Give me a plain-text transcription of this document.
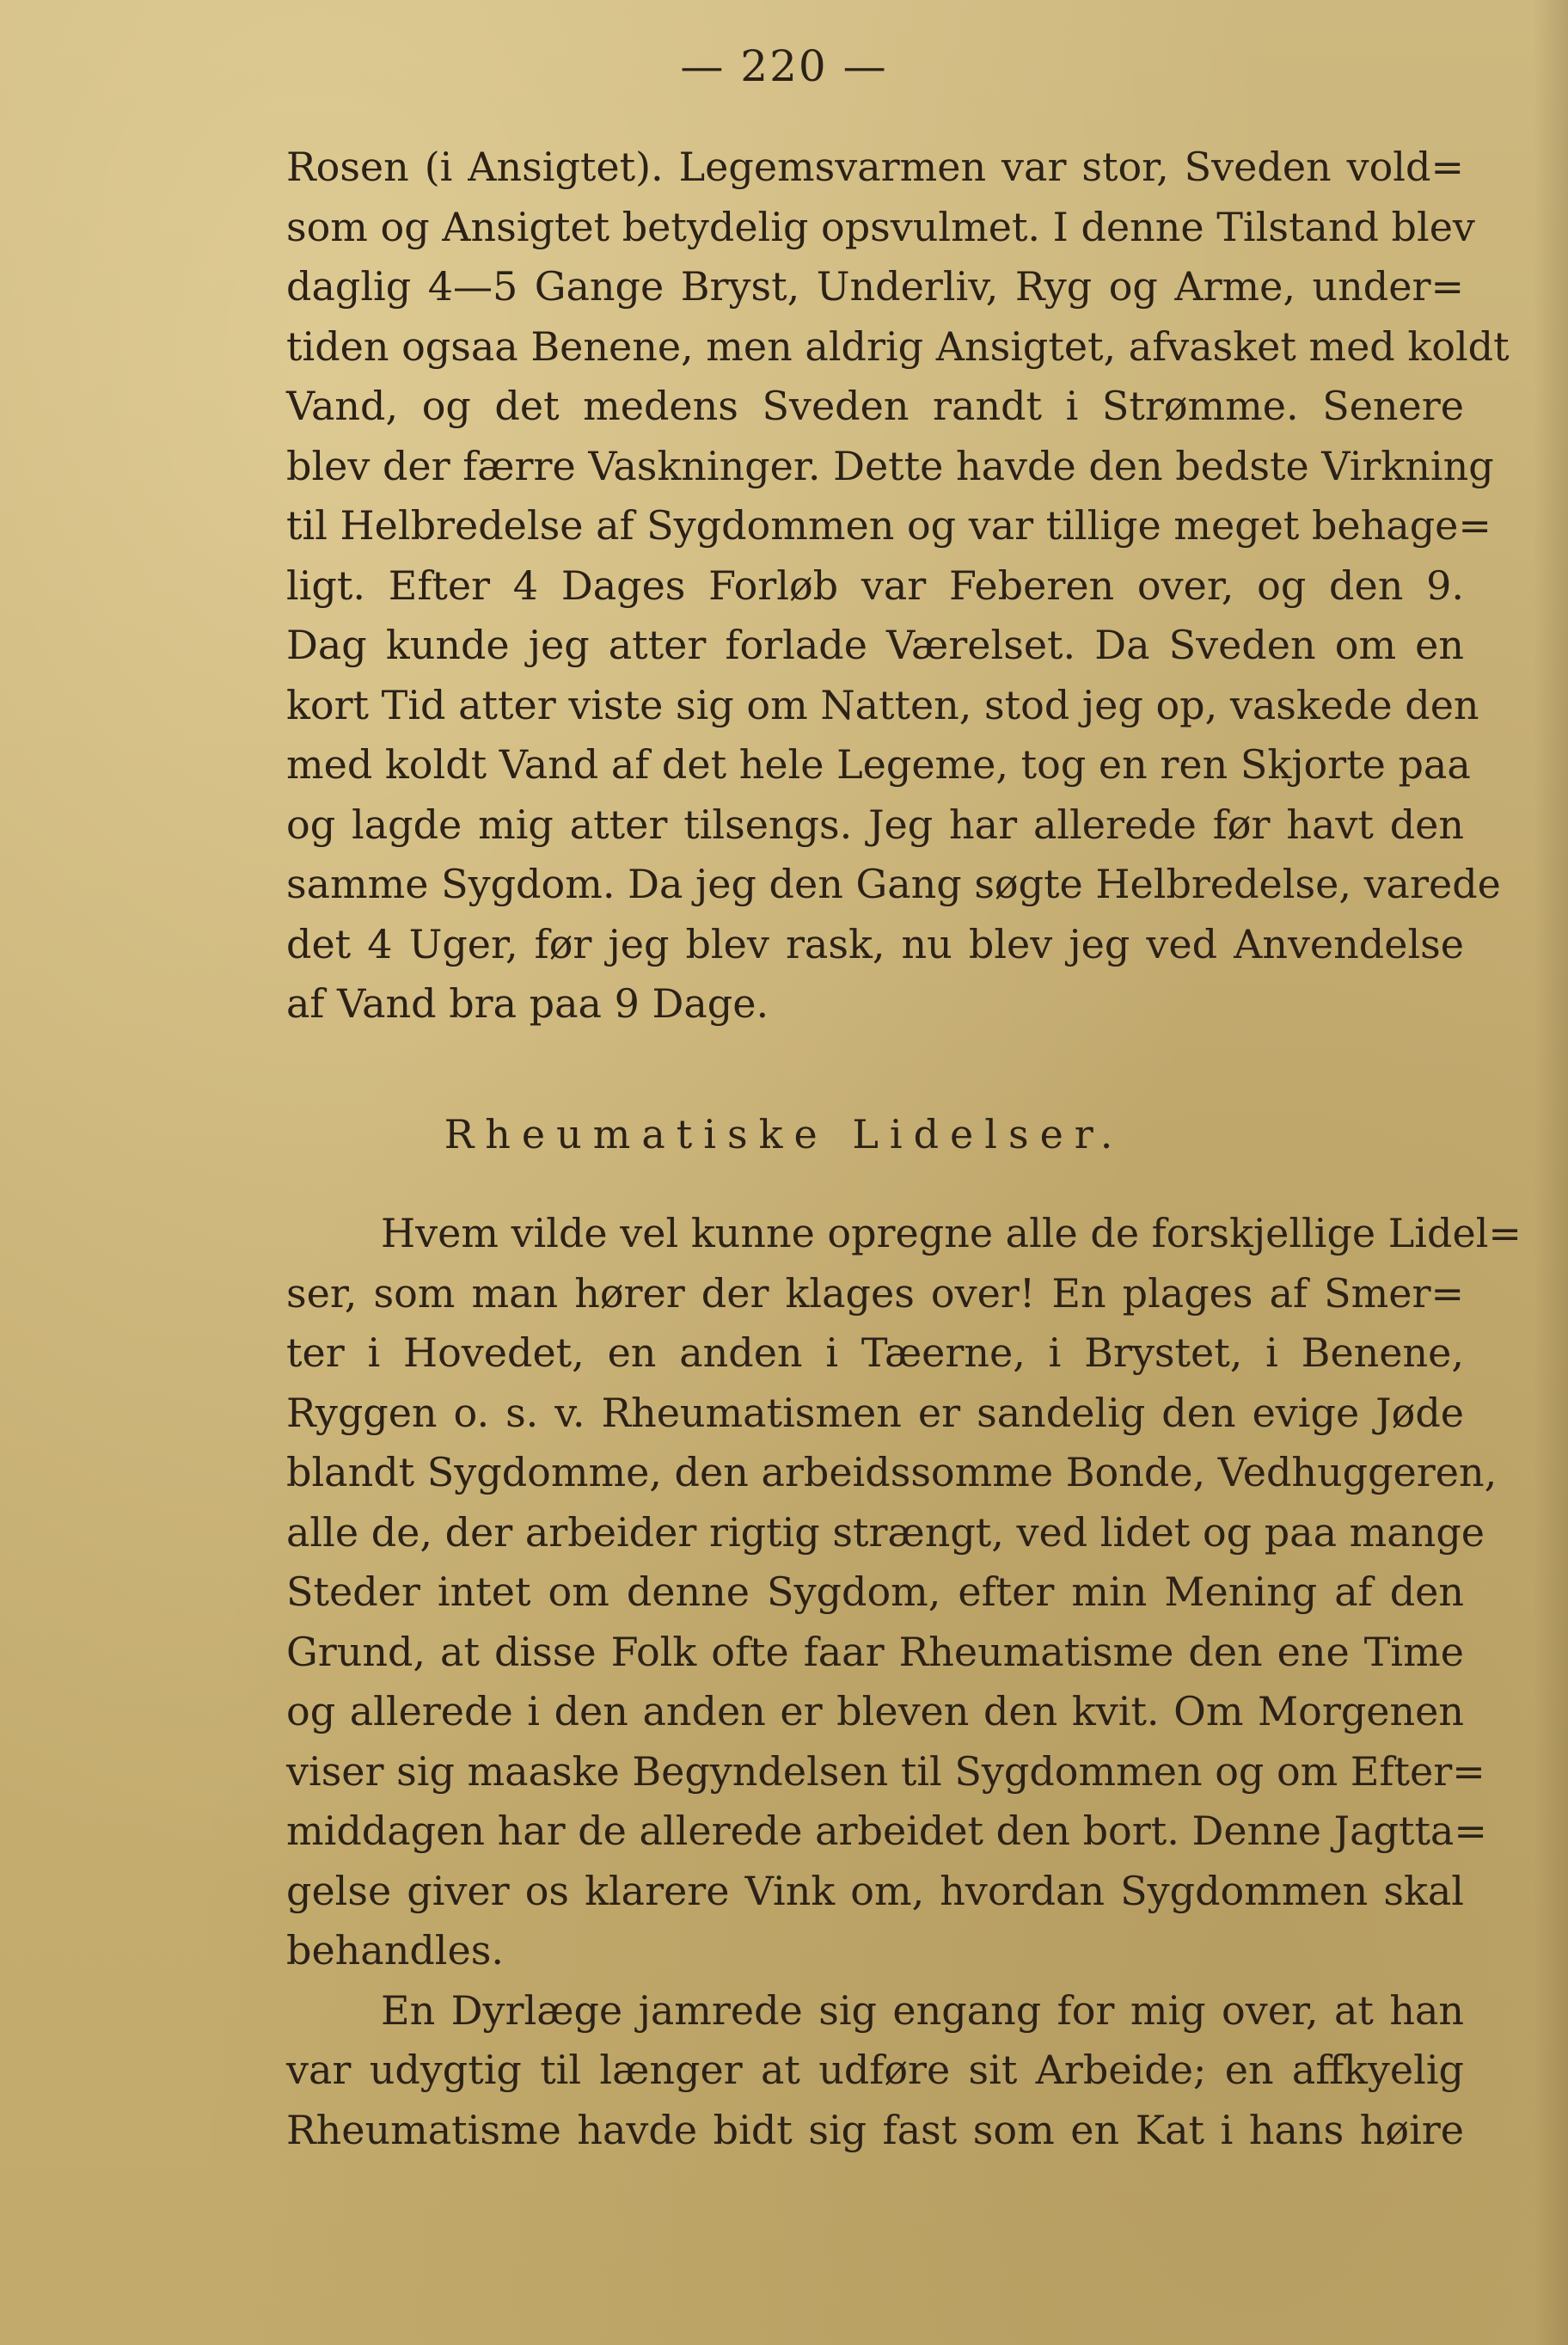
— 220 —
Rosen (i Ansigtet). Legemsvarmen var stor, Sveden vold=
som og Ansigtet betydelig opsvulmet. I denne Tilstand blev
daglig 4—5 Gange Bryst, Underliv, Ryg og Arme, under=
tiden ogsaa Benene, men aldrig Ansigtet, afvasket med koldt
Vand, og det medens Sveden randt i Strømme. Senere
blev der færre Vaskninger. Dette havde den bedste Virkning
til Helbredelse af Sygdommen og var tillige meget behage=
ligt. Efter 4 Dages Forløb var Feberen over, og den 9.
Dag kunde jeg atter forlade Værelset. Da Sveden om en
kort Tid atter viste sig om Natten, stod jeg op, vaskede den
med koldt Vand af det hele Legeme, tog en ren Skjorte paa
og lagde mig atter tilsengs. Jeg har allerede før havt den
samme Sygdom. Da jeg den Gang søgte Helbredelse, varede
det 4 Uger, før jeg blev rask, nu blev jeg ved Anvendelse
af Vand bra paa 9 Dage.
Rheumatiske Lidelser.
Hvem vilde vel kunne opregne alle de forskjellige Lidel=
ser, som man hører der klages over! En plages af Smer=
ter i Hovedet, en anden i Tæerne, i Brystet, i Benene,
Ryggen o. s. v. Rheumatismen er sandelig den evige Jøde
blandt Sygdomme, den arbeidssomme Bonde, Vedhuggeren,
alle de, der arbeider rigtig strængt, ved lidet og paa mange
Steder intet om denne Sygdom, efter min Mening af den
Grund, at disse Folk ofte faar Rheumatisme den ene Time
og allerede i den anden er bleven den kvit. Om Morgenen
viser sig maaske Begyndelsen til Sygdommen og om Efter=
middagen har de allerede arbeidet den bort. Denne Jagtta=
gelse giver os klarere Vink om, hvordan Sygdommen skal
behandles.
En Dyrlæge jamrede sig engang for mig over, at han
var udygtig til længer at udføre sit Arbeide; en affkyelig
Rheumatisme havde bidt sig fast som en Kat i hans høire
